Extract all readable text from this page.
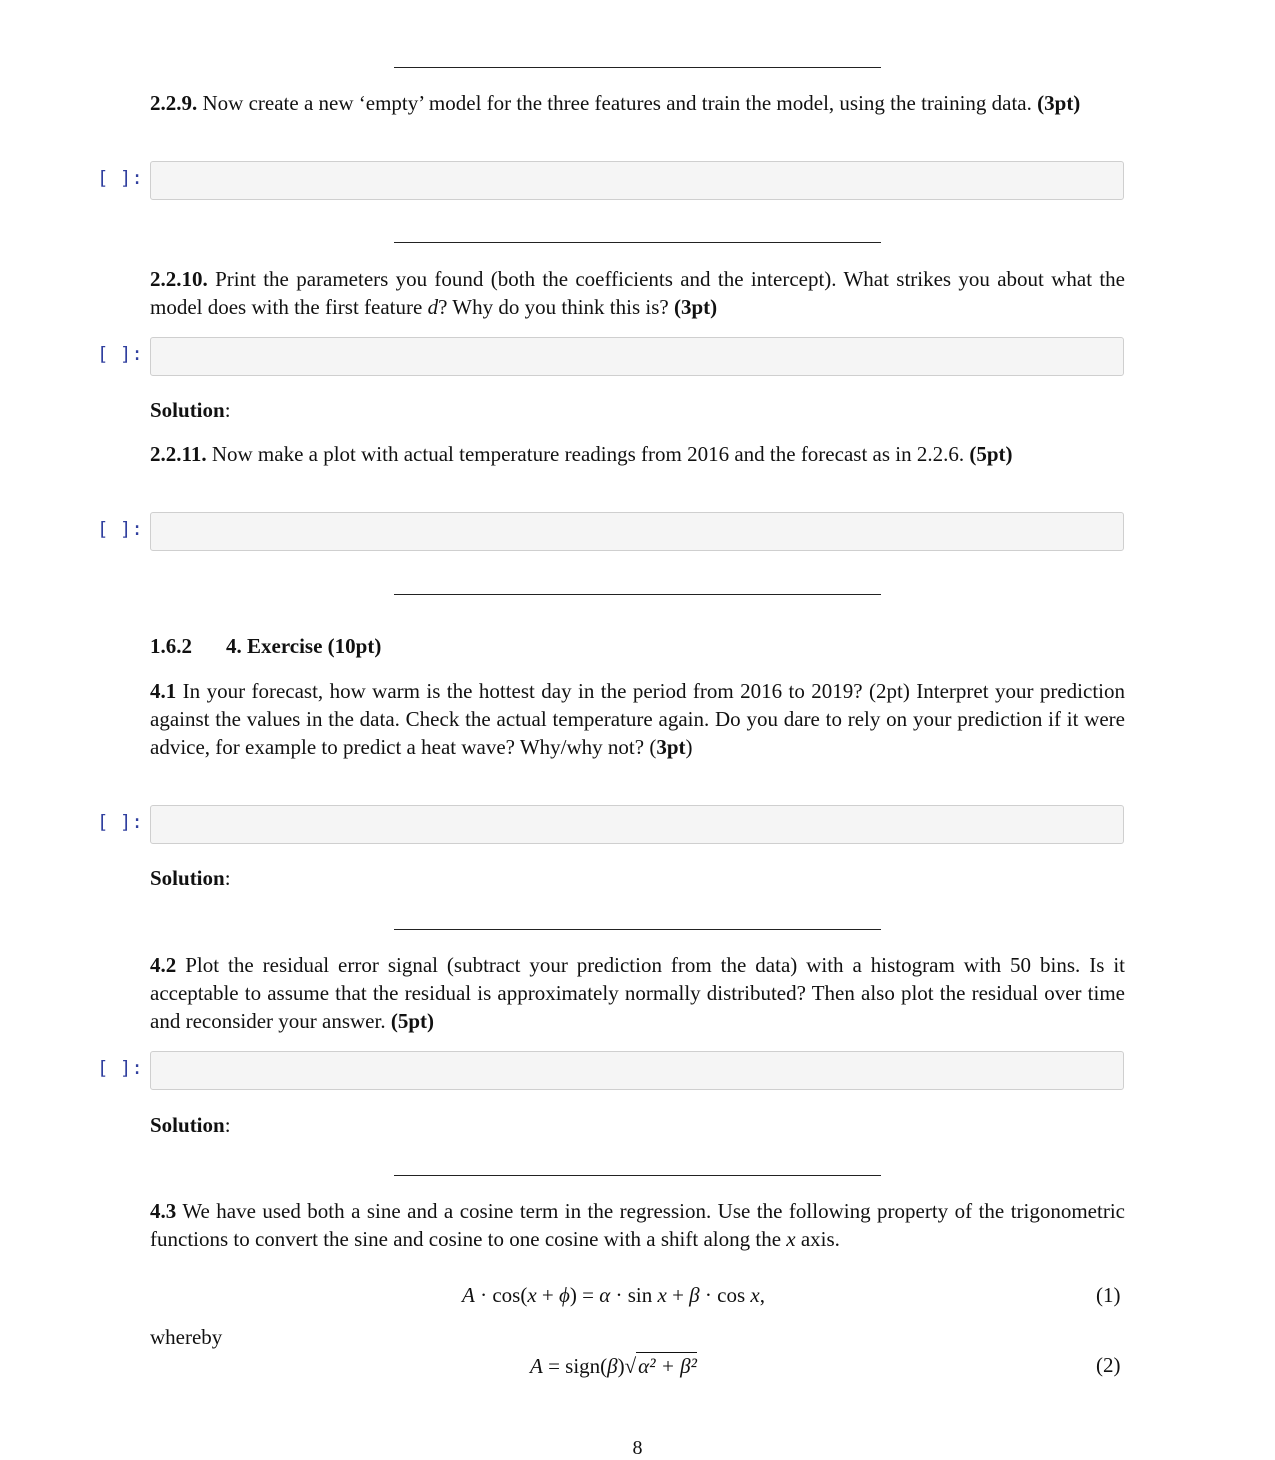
2.2.9. Now create a new ‘empty’ model for the three features and train the model, using the training data. (3pt)
[ ]:
2.2.10. Print the parameters you found (both the coefficients and the intercept). What strikes you about what the model does with the first feature d? Why do you think this is? (3pt)
[ ]:
Solution:
2.2.11. Now make a plot with actual temperature readings from 2016 and the forecast as in 2.2.6. (5pt)
[ ]:
1.6.2 4. Exercise (10pt)
4.1 In your forecast, how warm is the hottest day in the period from 2016 to 2019? (2pt) Interpret your prediction against the values in the data. Check the actual temperature again. Do you dare to rely on your prediction if it were advice, for example to predict a heat wave? Why/why not? (3pt)
[ ]:
Solution:
4.2 Plot the residual error signal (subtract your prediction from the data) with a histogram with 50 bins. Is it acceptable to assume that the residual is approximately normally distributed? Then also plot the residual over time and reconsider your answer. (5pt)
[ ]:
Solution:
4.3 We have used both a sine and a cosine term in the regression. Use the following property of the trigonometric functions to convert the sine and cosine to one cosine with a shift along the x axis.
A · cos(x + ϕ) = α · sin x + β · cos x,	(1)
whereby
A = sign(β)√α² + β²	(2)
8
